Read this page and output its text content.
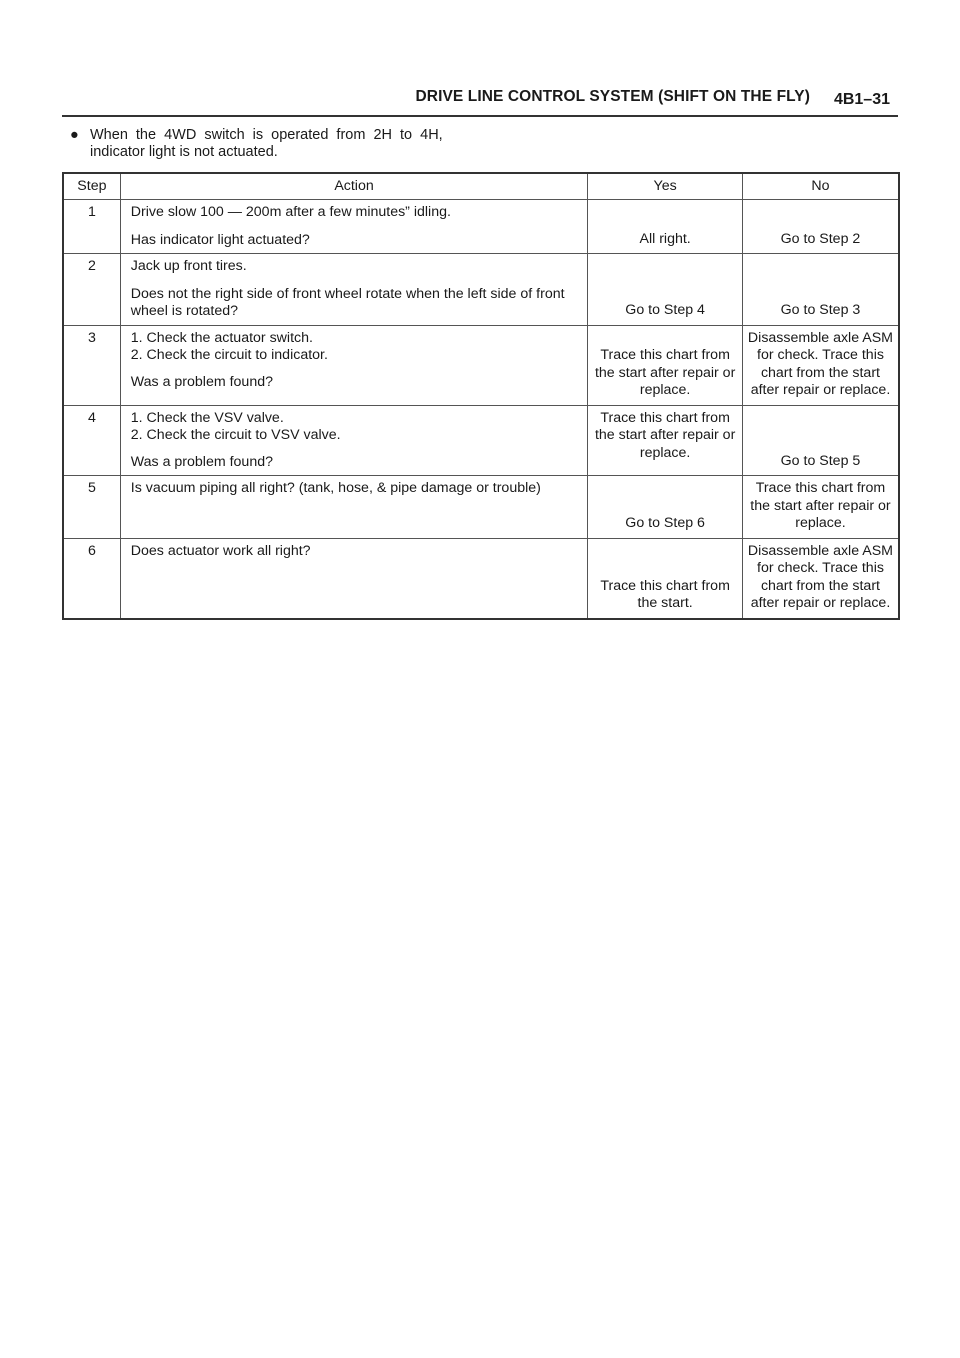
DRIVE LINE CONTROL SYSTEM (SHIFT ON THE FLY) 4B1–31
● When the 4WD switch is operated from 2H to 4H,
indicator light is not actuated.
Step	Action	Yes	No
1	Drive slow 100 — 200m after a few minutes” idling.
Has indicator light actuated?	All right.	Go to Step 2
2	Jack up front tires.
Does not the right side of front wheel rotate when the left side of front wheel is rotated?	Go to Step 4	Go to Step 3
3	1. Check the actuator switch.
2. Check the circuit to indicator.
Was a problem found?	Trace this chart from the start after repair or replace.	Disassemble axle ASM for check. Trace this chart from the start after repair or replace.
4	1. Check the VSV valve.
2. Check the circuit to VSV valve.
Was a problem found?	Trace this chart from the start after repair or replace.	Go to Step 5
5	Is vacuum piping all right? (tank, hose, & pipe damage or trouble)	Go to Step 6	Trace this chart from the start after repair or replace.
6	Does actuator work all right?	Trace this chart from the start.	Disassemble axle ASM for check. Trace this chart from the start after repair or replace.
